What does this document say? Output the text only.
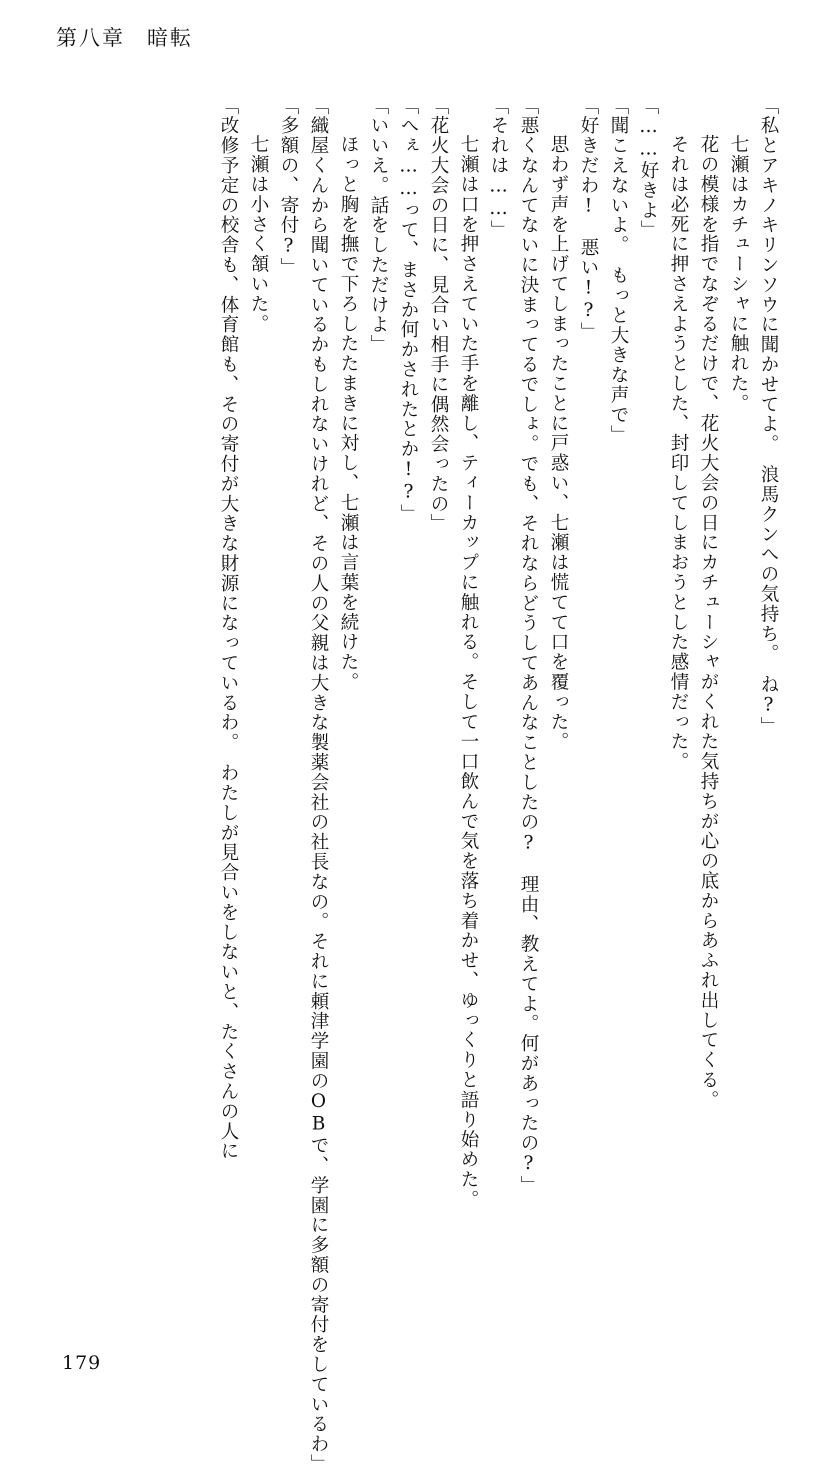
第八章 暗転
「私とアキノキリンソウに聞かせてよ。　浪馬クンへの気持ち。　ね?」
　七瀬はカチューシャに触れた。
　花の模様を指でなぞるだけで、花火大会の日にカチューシャがくれた気持ちが心の底からあふれ出してくる。
　それは必死に押さえようとした、封印してしまおうとした感情だった。
「……好きよ」
「聞こえないよ。　もっと大きな声で」
「好きだわ!　悪い!?」
　思わず声を上げてしまったことに戸惑い、七瀬は慌てて口を覆った。
「悪くなんてないに決まってるでしょ。でも、それならどうしてあんなことしたの?　理由、教えてよ。何があったの?」
「それは……」
　七瀬は口を押さえていた手を離し、ティーカップに触れる。そして一口飲んで気を落ち着かせ、ゆっくりと語り始めた。
「花火大会の日に、見合い相手に偶然会ったの」
「へぇ……って、まさか何かされたとか!?」
「いいえ。話をしただけよ」
　ほっと胸を撫で下ろしたたまきに対し、七瀬は言葉を続けた。
「織屋くんから聞いているかもしれないけれど、その人の父親は大きな製薬会社の社長なの。それに頼津学園のOBで、学園に多額の寄付をしているわ」
「多額の、寄付?」
　七瀬は小さく頷いた。
「改修予定の校舎も、体育館も、その寄付が大きな財源になっているわ。　わたしが見合いをしないと、たくさんの人に
179
